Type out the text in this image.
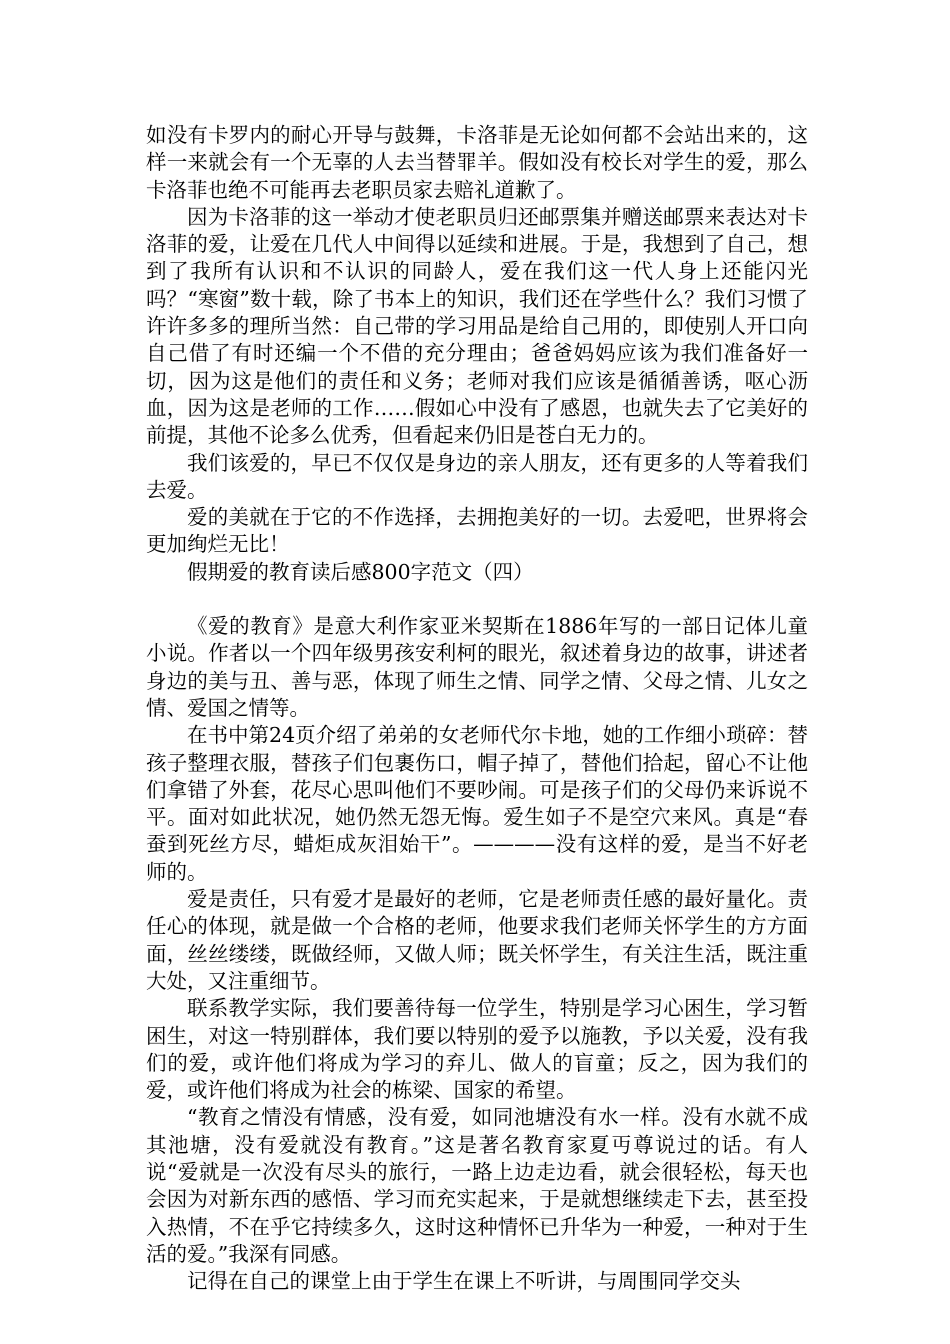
如没有卡罗内的耐心开导与鼓舞，卡洛菲是无论如何都不会站出来的，这样一来就会有一个无辜的人去当替罪羊。假如没有校长对学生的爱，那么卡洛菲也绝不可能再去老职员家去赔礼道歉了。

因为卡洛菲的这一举动才使老职员归还邮票集并赠送邮票来表达对卡洛菲的爱，让爱在几代人中间得以延续和进展。于是，我想到了自己，想到了我所有认识和不认识的同龄人，爱在我们这一代人身上还能闪光吗？“寒窗”数十载，除了书本上的知识，我们还在学些什么？我们习惯了许许多多的理所当然：自己带的学习用品是给自己用的，即使别人开口向自己借了有时还编一个不借的充分理由；爸爸妈妈应该为我们准备好一切，因为这是他们的责任和义务；老师对我们应该是循循善诱，呕心沥血，因为这是老师的工作……假如心中没有了感恩，也就失去了它美好的前提，其他不论多么优秀，但看起来仍旧是苍白无力的。

我们该爱的，早已不仅仅是身边的亲人朋友，还有更多的人等着我们去爱。

爱的美就在于它的不作选择，去拥抱美好的一切。去爱吧，世界将会更加绚烂无比！

假期爱的教育读后感800字范文（四）

《爱的教育》是意大利作家亚米契斯在1886年写的一部日记体儿童小说。作者以一个四年级男孩安利柯的眼光，叙述着身边的故事，讲述者身边的美与丑、善与恶，体现了师生之情、同学之情、父母之情、儿女之情、爱国之情等。

在书中第24页介绍了弟弟的女老师代尔卡地，她的工作细小琐碎：替孩子整理衣服，替孩子们包裹伤口，帽子掉了，替他们拾起，留心不让他们拿错了外套，花尽心思叫他们不要吵闹。可是孩子们的父母仍来诉说不平。面对如此状况，她仍然无怨无悔。爱生如子不是空穴来风。真是“春蚕到死丝方尽，蜡炬成灰泪始干”。————没有这样的爱，是当不好老师的。

爱是责任，只有爱才是最好的老师，它是老师责任感的最好量化。责任心的体现，就是做一个合格的老师，他要求我们老师关怀学生的方方面面，丝丝缕缕，既做经师，又做人师；既关怀学生，有关注生活，既注重大处，又注重细节。

联系教学实际，我们要善待每一位学生，特别是学习心困生，学习暂困生，对这一特别群体，我们要以特别的爱予以施教，予以关爱，没有我们的爱，或许他们将成为学习的弃儿、做人的盲童；反之，因为我们的爱，或许他们将成为社会的栋梁、国家的希望。

“教育之情没有情感，没有爱，如同池塘没有水一样。没有水就不成其池塘，没有爱就没有教育。”这是著名教育家夏丏尊说过的话。有人说“爱就是一次没有尽头的旅行，一路上边走边看，就会很轻松，每天也会因为对新东西的感悟、学习而充实起来，于是就想继续走下去，甚至投入热情，不在乎它持续多久，这时这种情怀已升华为一种爱，一种对于生活的爱。”我深有同感。

记得在自己的课堂上由于学生在课上不听讲，与周围同学交头
